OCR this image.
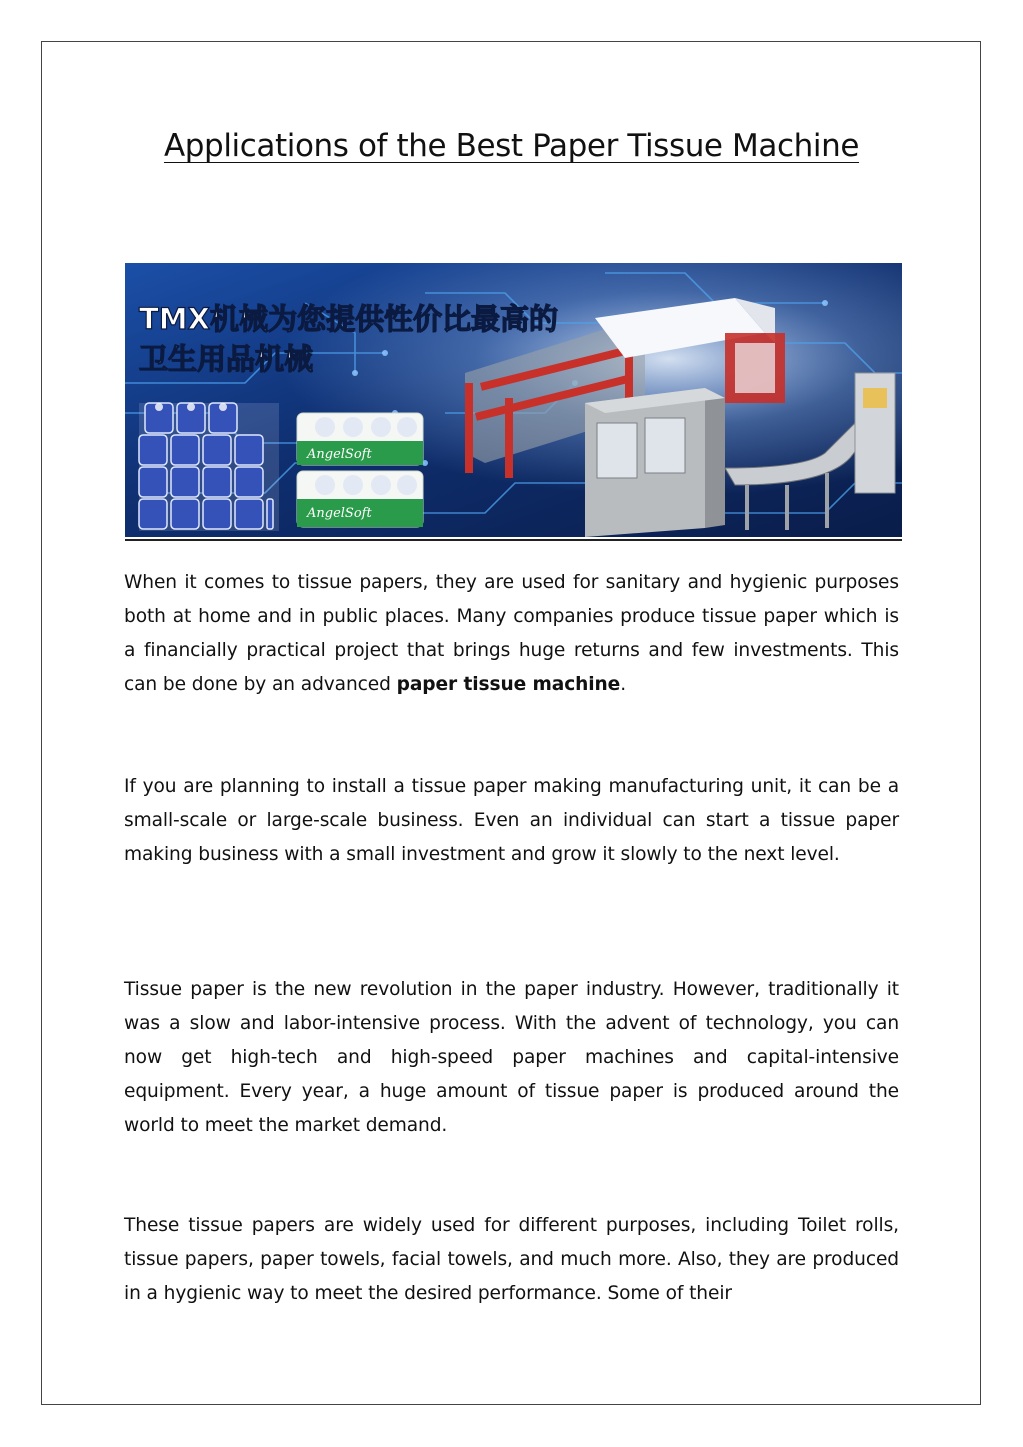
Applications of the Best Paper Tissue Machine
TMX机械为您提供性价比最高的
卫生用品机械
AngelSoft
AngelSoft

When it comes to tissue papers, they are used for sanitary and hygienic purposes both at home and in public places. Many companies produce tissue paper which is a financially practical project that brings huge returns and few investments. This can be done by an advanced paper tissue machine.

If you are planning to install a tissue paper making manufacturing unit, it can be a small-scale or large-scale business. Even an individual can start a tissue paper making business with a small investment and grow it slowly to the next level.

Tissue paper is the new revolution in the paper industry. However, traditionally it was a slow and labor-intensive process. With the advent of technology, you can now get high-tech and high-speed paper machines and capital-intensive equipment. Every year, a huge amount of tissue paper is produced around the world to meet the market demand.

These tissue papers are widely used for different purposes, including Toilet rolls, tissue papers, paper towels, facial towels, and much more. Also, they are produced in a hygienic way to meet the desired performance. Some of their
